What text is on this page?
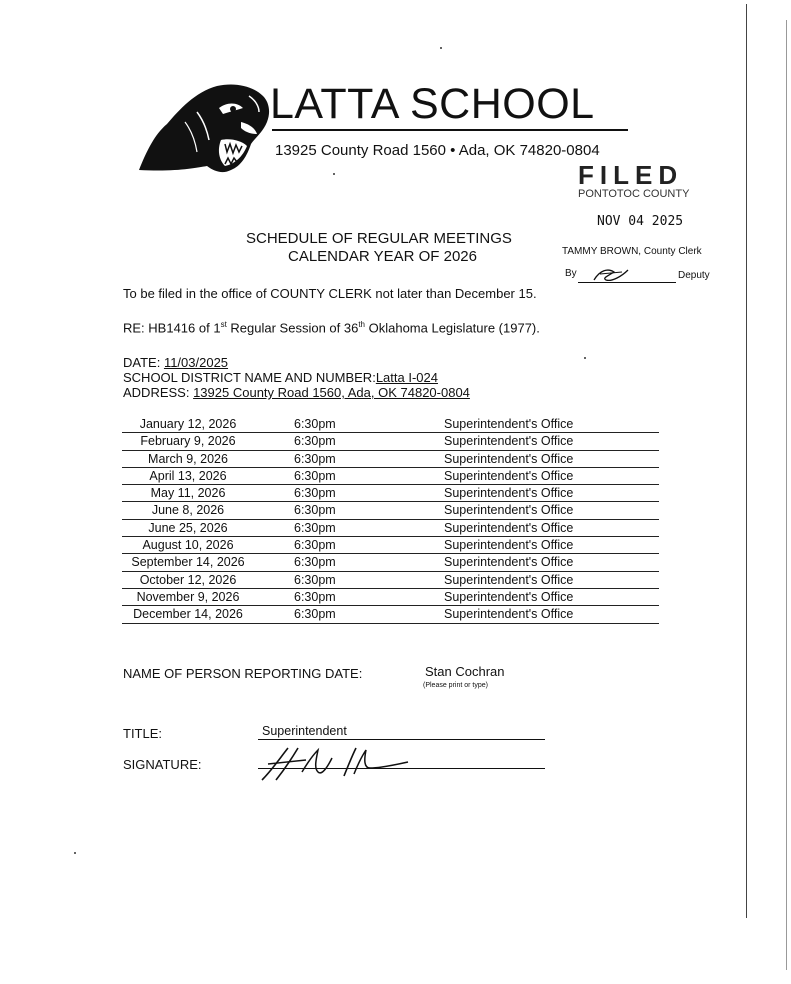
LATTA SCHOOL
13925 County Road 1560 • Ada, OK 74820-0804
FILED
PONTOTOC COUNTY
NOV 04 2025
TAMMY BROWN, County Clerk
By	Deputy
SCHEDULE OF REGULAR MEETINGS
CALENDAR YEAR OF 2026
To be filed in the office of COUNTY CLERK not later than December 15.
RE: HB1416 of 1st Regular Session of 36th Oklahoma Legislature (1977).
DATE: 11/03/2025
SCHOOL DISTRICT NAME AND NUMBER:Latta I-024
ADDRESS: 13925 County Road 1560, Ada, OK 74820-0804
January 12, 2026	6:30pm	Superintendent's Office
February 9, 2026	6:30pm	Superintendent's Office
March 9, 2026	6:30pm	Superintendent's Office
April 13, 2026	6:30pm	Superintendent's Office
May 11, 2026	6:30pm	Superintendent's Office
June 8, 2026	6:30pm	Superintendent's Office
June 25, 2026	6:30pm	Superintendent's Office
August 10, 2026	6:30pm	Superintendent's Office
September 14, 2026	6:30pm	Superintendent's Office
October 12, 2026	6:30pm	Superintendent's Office
November 9, 2026	6:30pm	Superintendent's Office
December 14, 2026	6:30pm	Superintendent's Office
NAME OF PERSON REPORTING DATE:	Stan Cochran
(Please print or type)
TITLE:	Superintendent
SIGNATURE:
